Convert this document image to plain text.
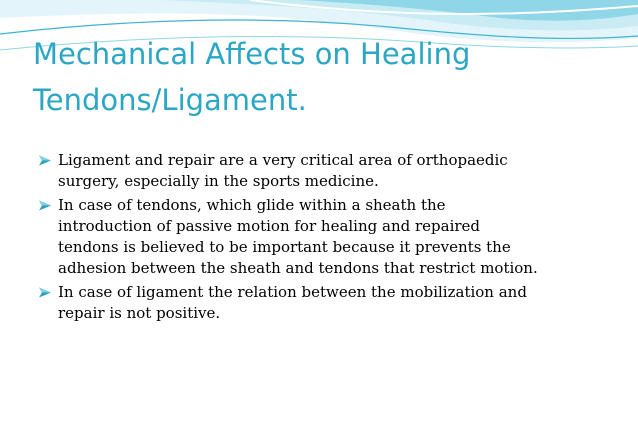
Mechanical Affects on Healing Tendons/Ligament.
Ligament and repair are a very critical area of orthopaedic surgery, especially in the sports medicine.
In case of tendons, which glide within a sheath the introduction of passive motion for healing and repaired tendons is believed to be important because it prevents the adhesion between the sheath and tendons that restrict motion.
In case of ligament the relation between the mobilization and repair is not positive.
